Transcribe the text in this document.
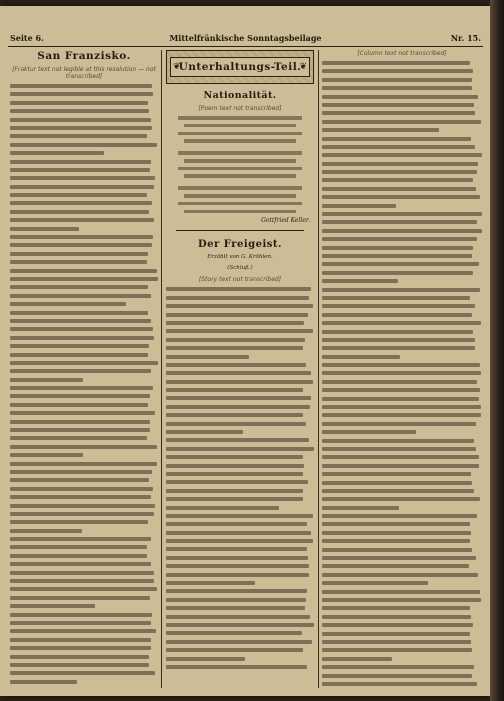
Seite 6.	Mittelfränkische Sonntagsbeilage	Nr. 15.
San Franzisko.
[Fraktur text not legible at this resolution — not transcribed]
❦
Unterhaltungs-Teil.
❦
Nationalität.
[Poem text not transcribed]
Gottfried Keller.
Der Freigeist.
Erzählt von G. Kröhlen.
(Schluß.)
[Story text not transcribed]
[Column text not transcribed]
